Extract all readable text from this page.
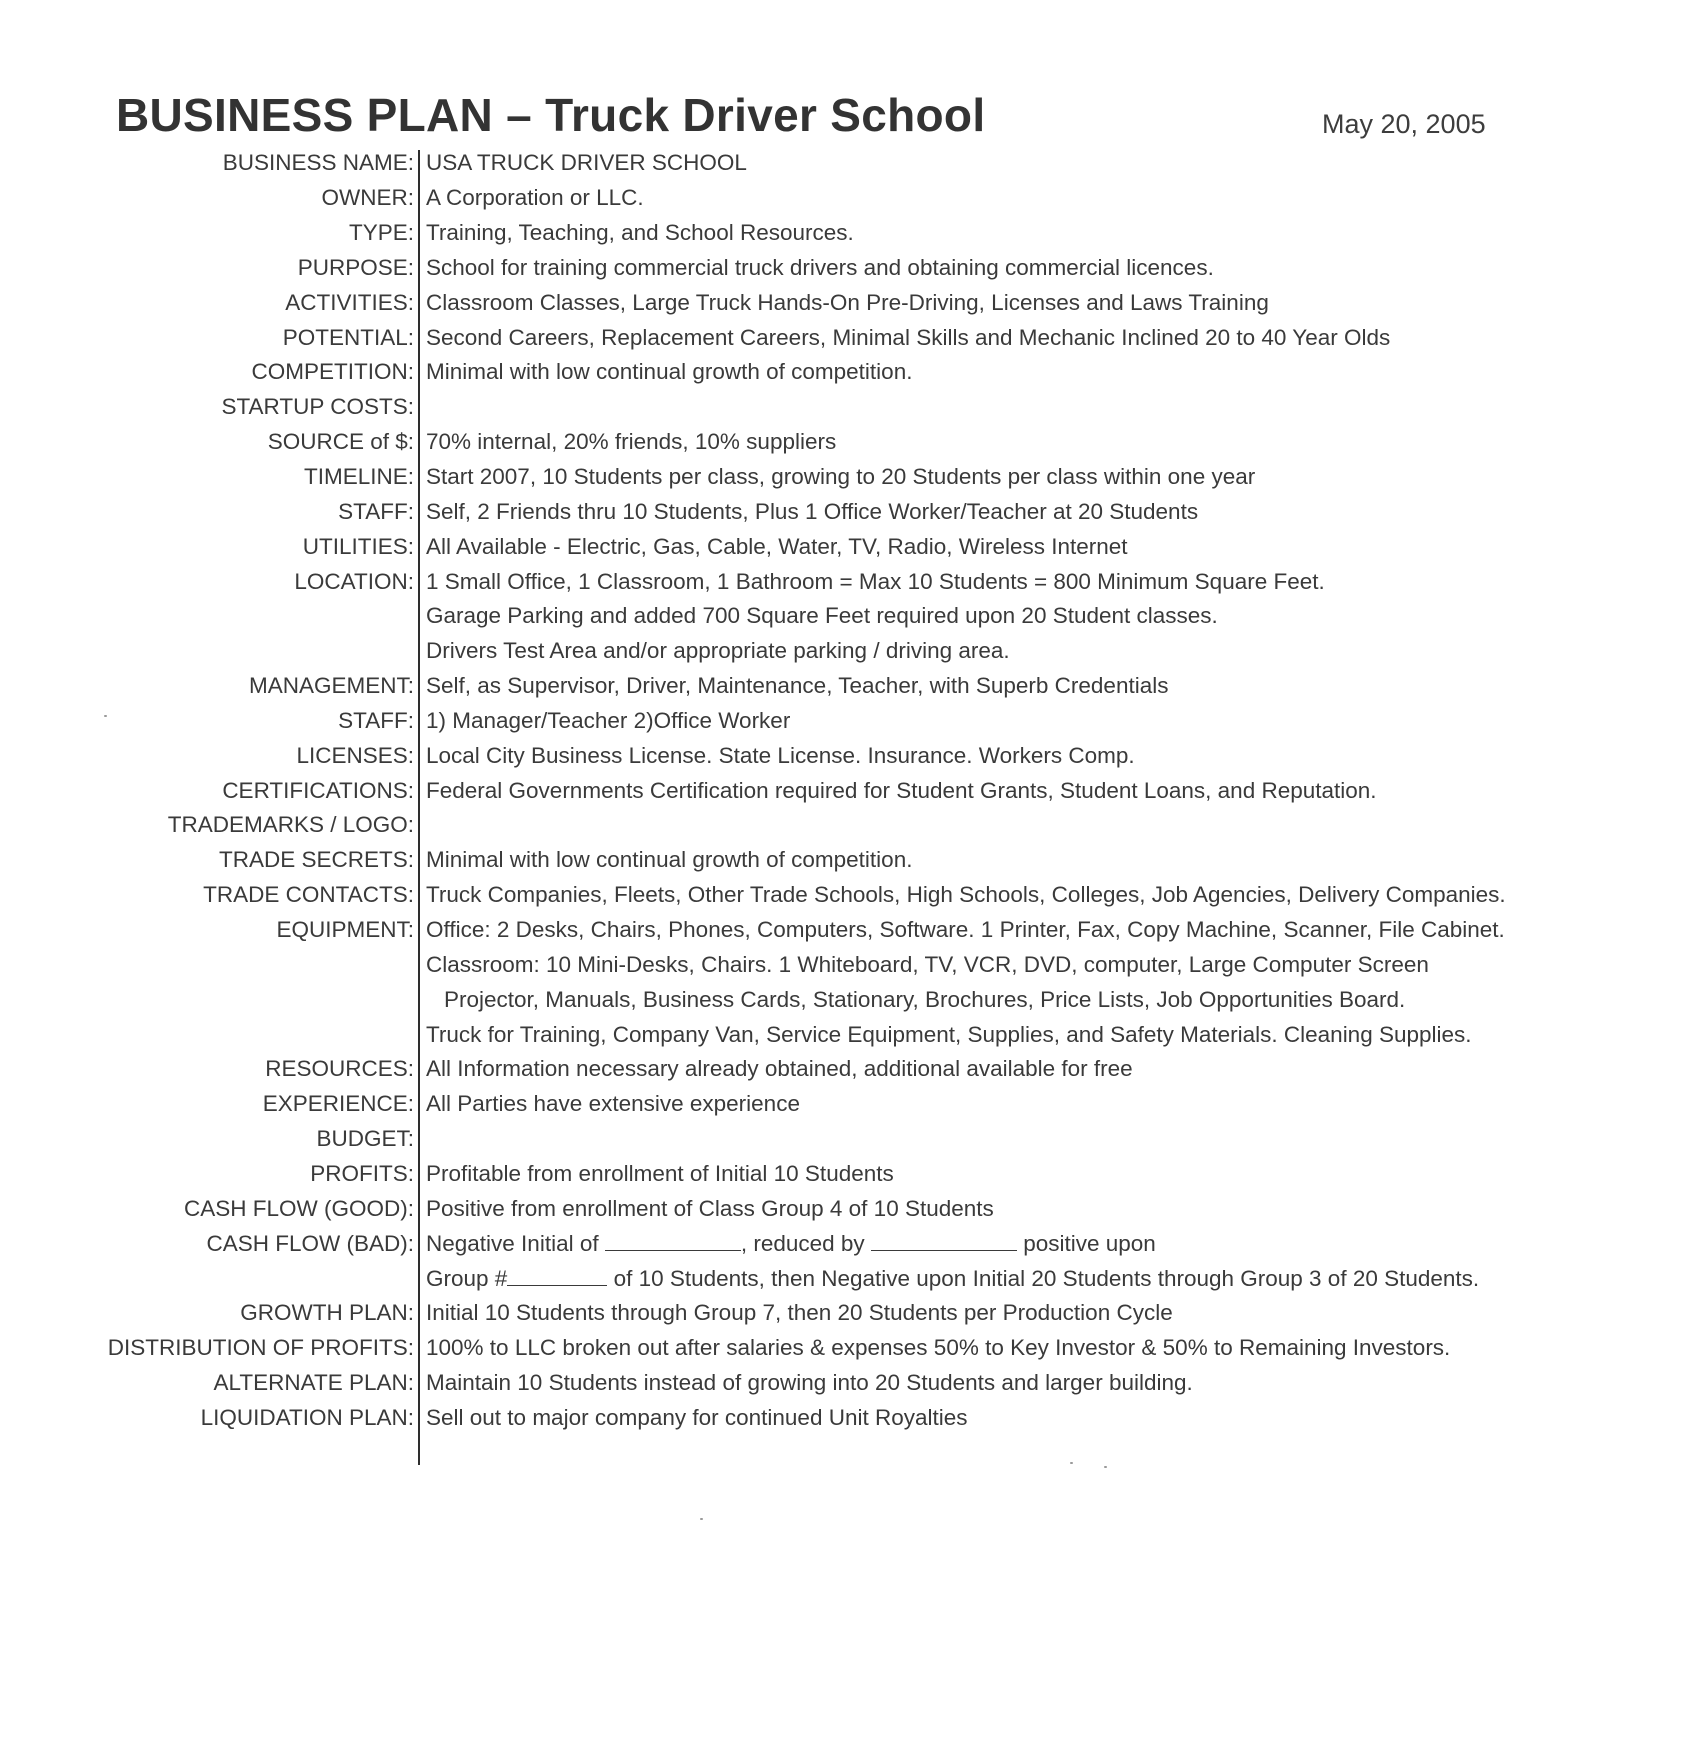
BUSINESS PLAN – Truck Driver School	May 20, 2005
BUSINESS NAME: USA TRUCK DRIVER SCHOOL
OWNER: A Corporation or LLC.
TYPE: Training, Teaching, and School Resources.
PURPOSE: School for training commercial truck drivers and obtaining commercial licences.
ACTIVITIES: Classroom Classes, Large Truck Hands-On Pre-Driving, Licenses and Laws Training
POTENTIAL: Second Careers, Replacement Careers, Minimal Skills and Mechanic Inclined 20 to 40 Year Olds
COMPETITION: Minimal with low continual growth of competition.
STARTUP COSTS:
SOURCE of $: 70% internal, 20% friends, 10% suppliers
TIMELINE: Start 2007, 10 Students per class, growing to 20 Students per class within one year
STAFF: Self, 2 Friends thru 10 Students, Plus 1 Office Worker/Teacher at 20 Students
UTILITIES: All Available - Electric, Gas, Cable, Water, TV, Radio, Wireless Internet
LOCATION: 1 Small Office, 1 Classroom, 1 Bathroom = Max 10 Students = 800 Minimum Square Feet.
Garage Parking and added 700 Square Feet required upon 20 Student classes.
Drivers Test Area and/or appropriate parking / driving area.
MANAGEMENT: Self, as Supervisor, Driver, Maintenance, Teacher, with Superb Credentials
STAFF: 1) Manager/Teacher 2)Office Worker
LICENSES: Local City Business License. State License. Insurance. Workers Comp.
CERTIFICATIONS: Federal Governments Certification required for Student Grants, Student Loans, and Reputation.
TRADEMARKS / LOGO:
TRADE SECRETS: Minimal with low continual growth of competition.
TRADE CONTACTS: Truck Companies, Fleets, Other Trade Schools, High Schools, Colleges, Job Agencies, Delivery Companies.
EQUIPMENT: Office: 2 Desks, Chairs, Phones, Computers, Software. 1 Printer, Fax, Copy Machine, Scanner, File Cabinet.
Classroom: 10 Mini-Desks, Chairs. 1 Whiteboard, TV, VCR, DVD, computer, Large Computer Screen
Projector, Manuals, Business Cards, Stationary, Brochures, Price Lists, Job Opportunities Board.
Truck for Training, Company Van, Service Equipment, Supplies, and Safety Materials. Cleaning Supplies.
RESOURCES: All Information necessary already obtained, additional available for free
EXPERIENCE: All Parties have extensive experience
BUDGET:
PROFITS: Profitable from enrollment of Initial 10 Students
CASH FLOW (GOOD): Positive from enrollment of Class Group 4 of 10 Students
CASH FLOW (BAD): Negative Initial of	, reduced by	positive upon
Group #	of 10 Students, then Negative upon Initial 20 Students through Group 3 of 20 Students.
GROWTH PLAN: Initial 10 Students through Group 7, then 20 Students per Production Cycle
DISTRIBUTION OF PROFITS: 100% to LLC broken out after salaries & expenses 50% to Key Investor & 50% to Remaining Investors.
ALTERNATE PLAN: Maintain 10 Students instead of growing into 20 Students and larger building.
LIQUIDATION PLAN: Sell out to major company for continued Unit Royalties
